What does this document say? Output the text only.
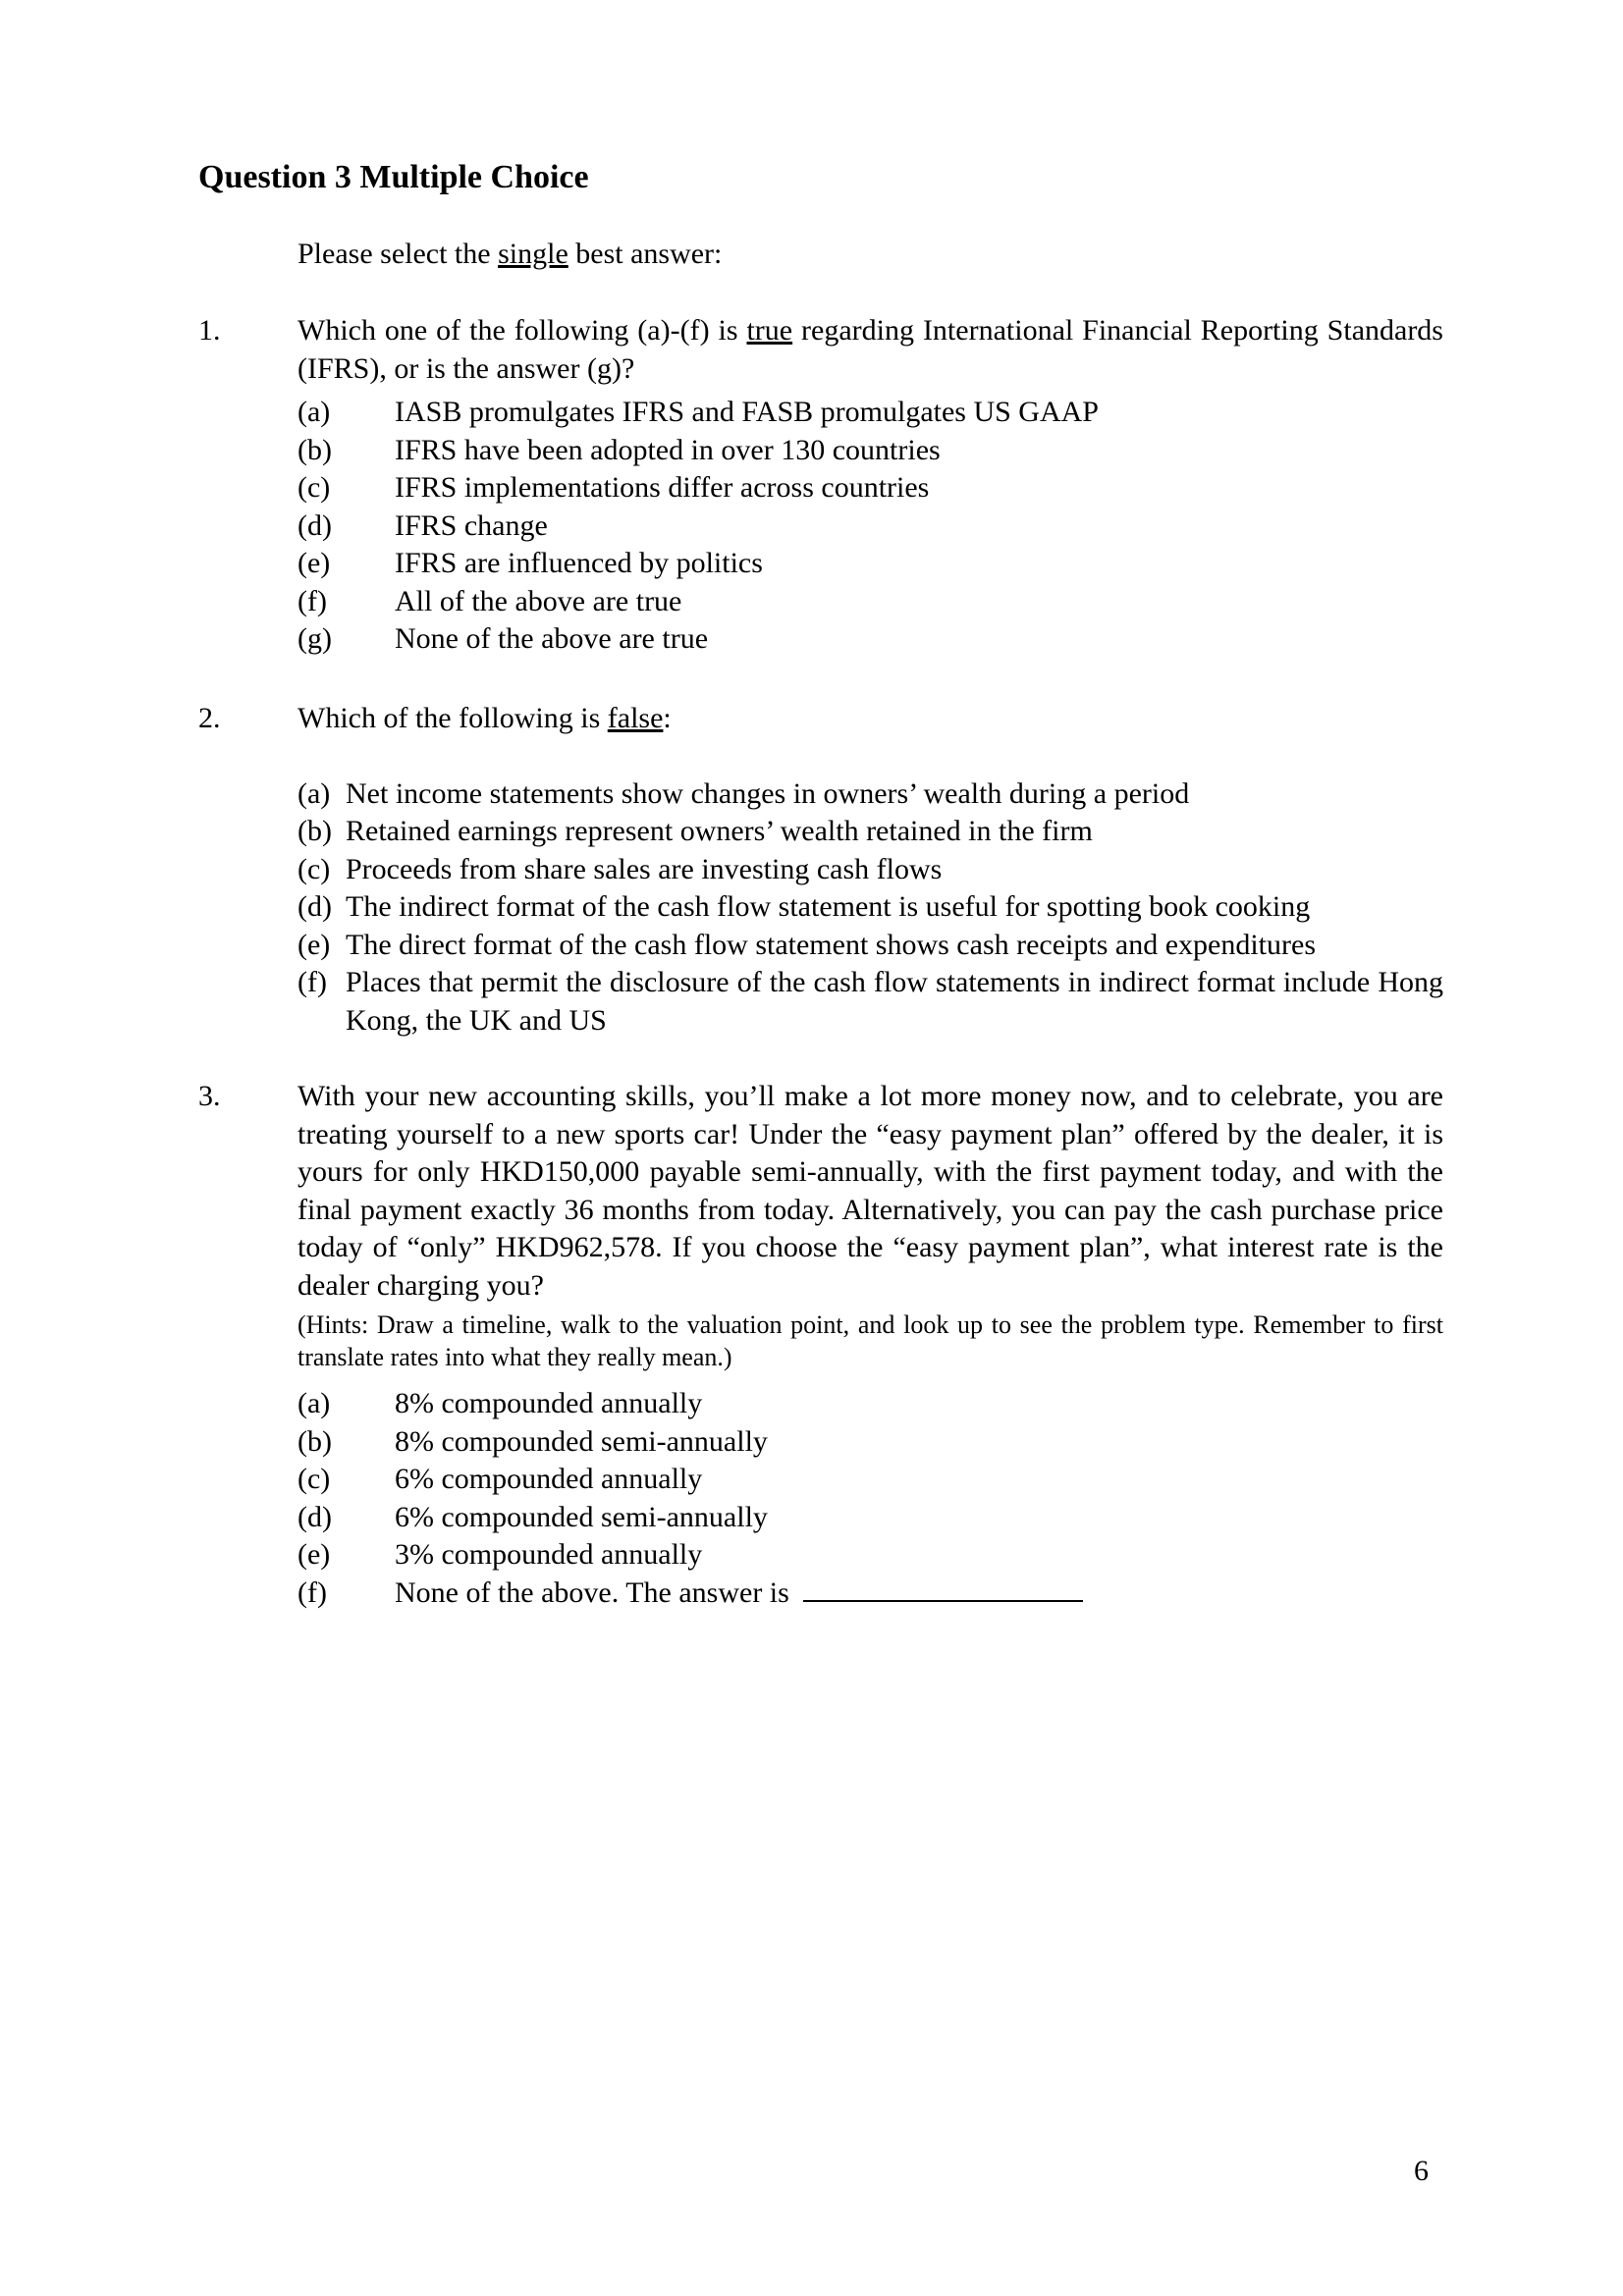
Question 3 Multiple Choice
Please select the single best answer:
1.	Which one of the following (a)-(f) is true regarding International Financial Reporting Standards (IFRS), or is the answer (g)?
(a) IASB promulgates IFRS and FASB promulgates US GAAP
(b) IFRS have been adopted in over 130 countries
(c) IFRS implementations differ across countries
(d) IFRS change
(e) IFRS are influenced by politics
(f) All of the above are true
(g) None of the above are true
2.	Which of the following is false:
(a) Net income statements show changes in owners’ wealth during a period
(b) Retained earnings represent owners’ wealth retained in the firm
(c) Proceeds from share sales are investing cash flows
(d) The indirect format of the cash flow statement is useful for spotting book cooking
(e) The direct format of the cash flow statement shows cash receipts and expenditures
(f) Places that permit the disclosure of the cash flow statements in indirect format include Hong Kong, the UK and US
3.	With your new accounting skills, you’ll make a lot more money now, and to celebrate, you are treating yourself to a new sports car! Under the “easy payment plan” offered by the dealer, it is yours for only HKD150,000 payable semi-annually, with the first payment today, and with the final payment exactly 36 months from today. Alternatively, you can pay the cash purchase price today of “only” HKD962,578. If you choose the “easy payment plan”, what interest rate is the dealer charging you?
(Hints: Draw a timeline, walk to the valuation point, and look up to see the problem type. Remember to first translate rates into what they really mean.)
(a) 8% compounded annually
(b) 8% compounded semi-annually
(c) 6% compounded annually
(d) 6% compounded semi-annually
(e) 3% compounded annually
(f) None of the above. The answer is
6
